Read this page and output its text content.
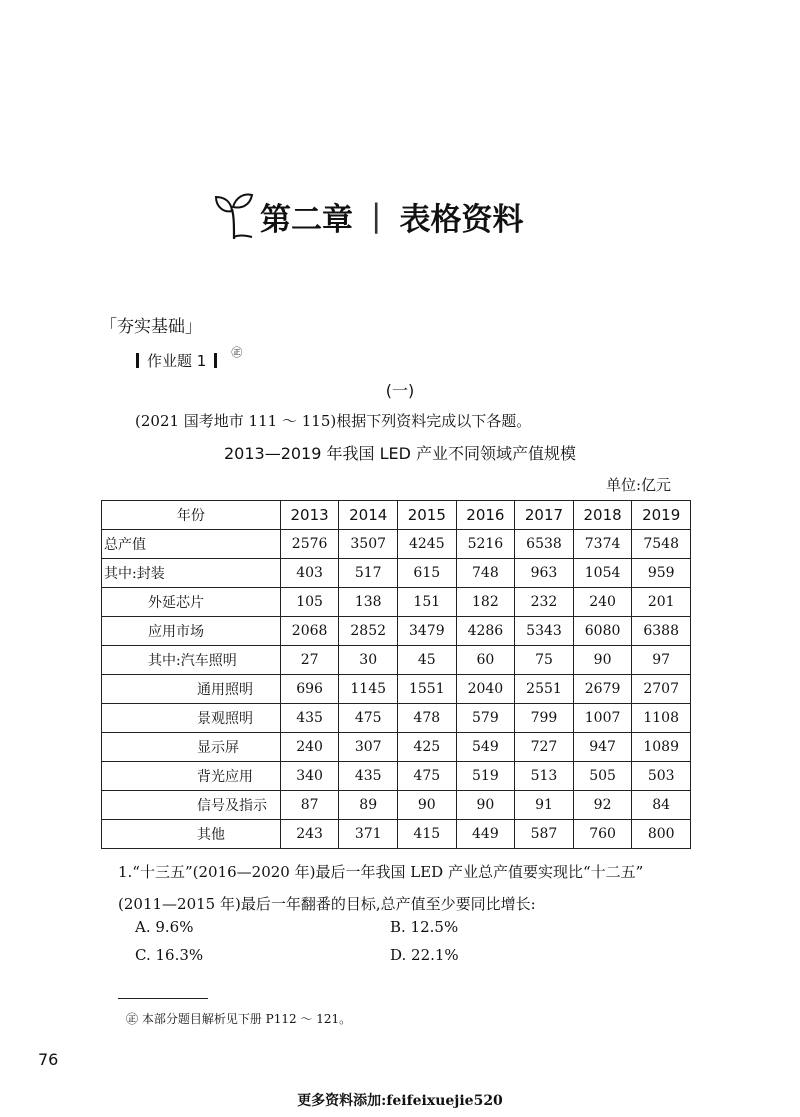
第二章 | 表格资料
「夯实基础」
作业题 1 ㊣
(一)
(2021 国考地市 111 ～ 115)根据下列资料完成以下各题。
2013—2019 年我国 LED 产业不同领域产值规模
单位:亿元
年份	2013	2014	2015	2016	2017	2018	2019
总产值	2576	3507	4245	5216	6538	7374	7548
其中:封装	403	517	615	748	963	1054	959
外延芯片	105	138	151	182	232	240	201
应用市场	2068	2852	3479	4286	5343	6080	6388
其中:汽车照明	27	30	45	60	75	90	97
通用照明	696	1145	1551	2040	2551	2679	2707
景观照明	435	475	478	579	799	1007	1108
显示屏	240	307	425	549	727	947	1089
背光应用	340	435	475	519	513	505	503
信号及指示	87	89	90	90	91	92	84
其他	243	371	415	449	587	760	800
1.“十三五”(2016—2020 年)最后一年我国 LED 产业总产值要实现比“十二五”
(2011—2015 年)最后一年翻番的目标,总产值至少要同比增长:
A. 9.6%	B. 12.5%
C. 16.3%	D. 22.1%
㊣ 本部分题目解析见下册 P112 ～ 121。
76
更多资料添加:feifeixuejie520
